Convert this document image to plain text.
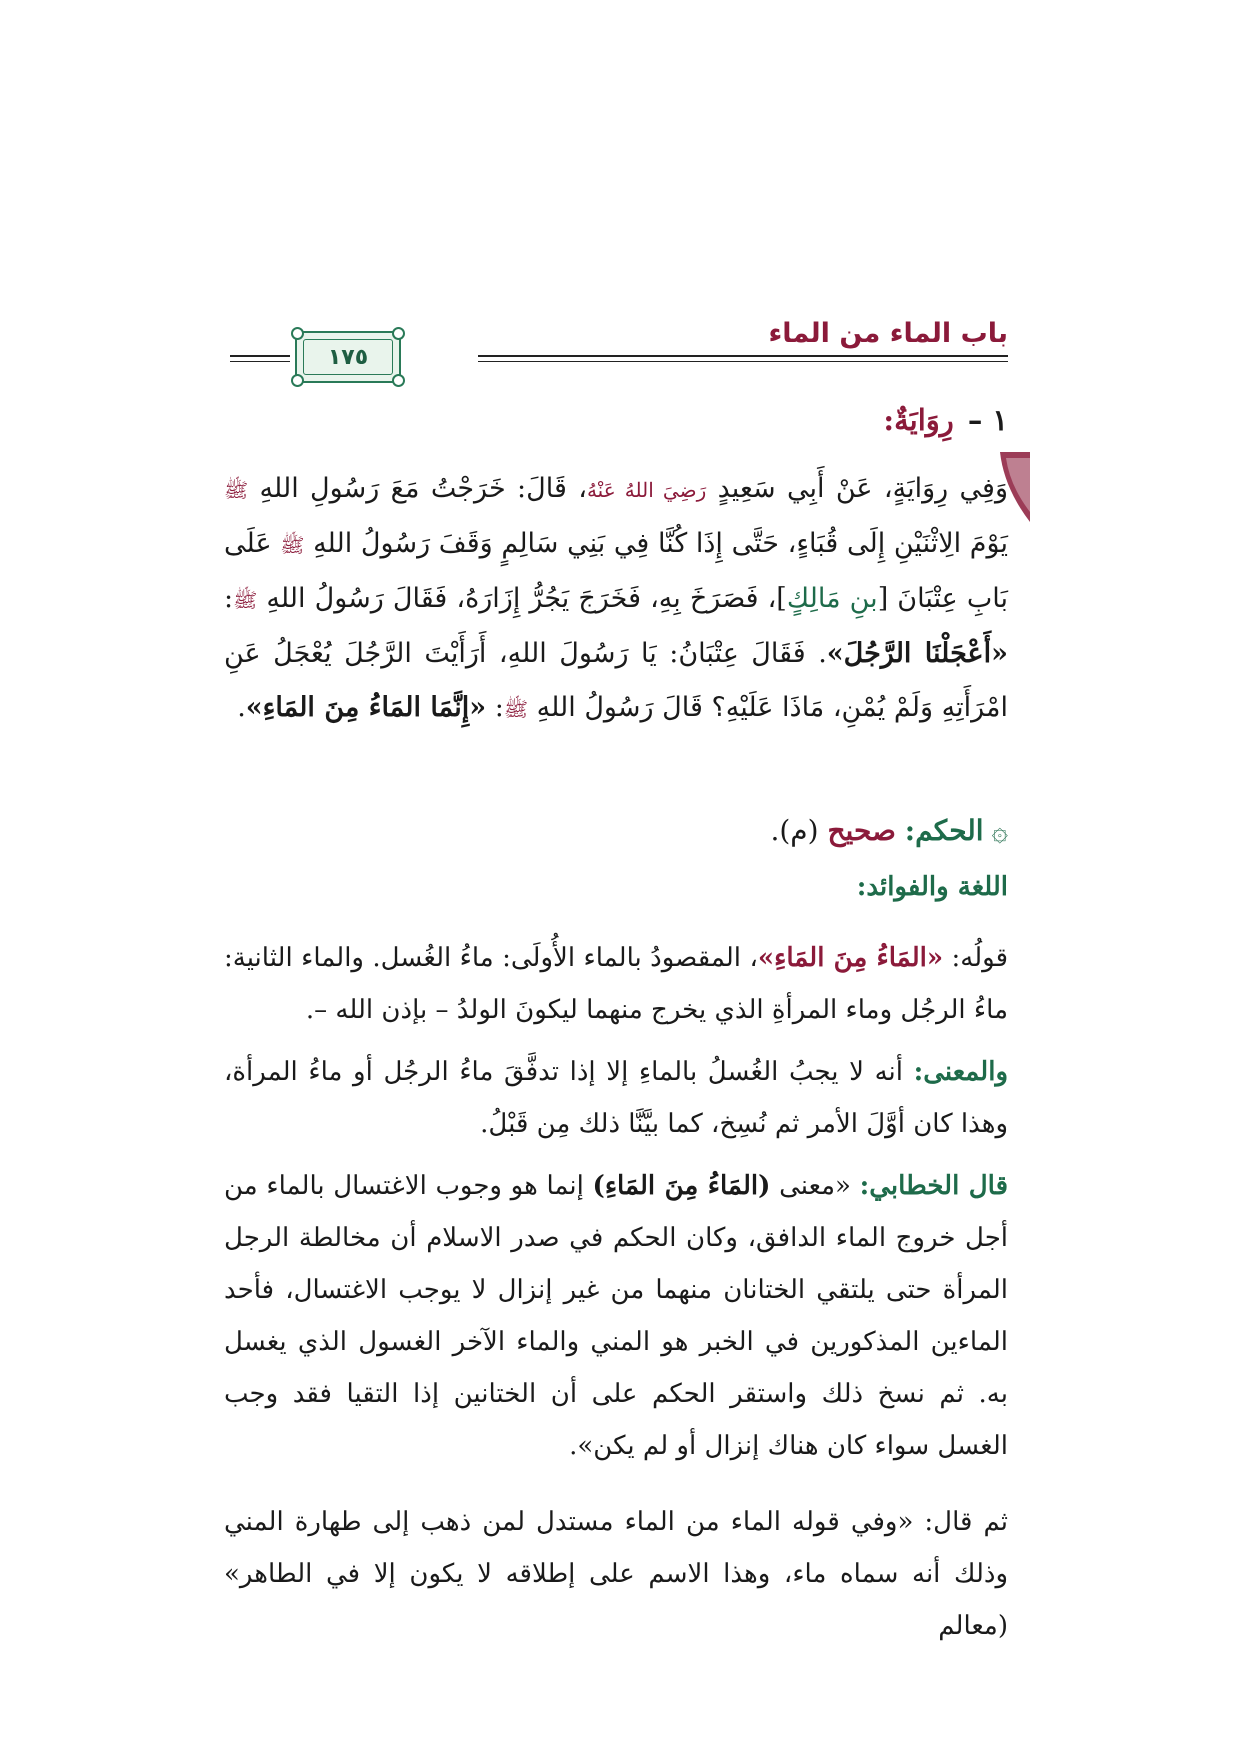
باب الماء من الماء
١٧٥
١ –رِوَايَةٌ:
وَفِي رِوَايَةٍ، عَنْ أَبِي سَعِيدٍ رَضِيَ اللهُ عَنْهُ، قَالَ: خَرَجْتُ مَعَ رَسُولِ اللهِ ﷺ يَوْمَ الِاثْنَيْنِ إِلَى قُبَاءٍ، حَتَّى إِذَا كُنَّا فِي بَنِي سَالِمٍ وَقَفَ رَسُولُ اللهِ ﷺ عَلَى بَابِ عِتْبَانَ [بنِ مَالِكٍ]، فَصَرَخَ بِهِ، فَخَرَجَ يَجُرُّ إِزَارَهُ، فَقَالَ رَسُولُ اللهِ ﷺ: «أَعْجَلْنَا الرَّجُلَ». فَقَالَ عِتْبَانُ: يَا رَسُولَ اللهِ، أَرَأَيْتَ الرَّجُلَ يُعْجَلُ عَنِ امْرَأَتِهِ وَلَمْ يُمْنِ، مَاذَا عَلَيْهِ؟ قَالَ رَسُولُ اللهِ ﷺ: «إِنَّمَا المَاءُ مِنَ المَاءِ».
۞الحكم: صحيح (م).
اللغة والفوائد:
قولُه: «المَاءُ مِنَ المَاءِ»، المقصودُ بالماء الأُولَى: ماءُ الغُسل. والماء الثانية: ماءُ الرجُل وماء المرأةِ الذي يخرج منهما ليكونَ الولدُ – بإذن الله –.
والمعنى: أنه لا يجبُ الغُسلُ بالماءِ إلا إذا تدفَّقَ ماءُ الرجُل أو ماءُ المرأة، وهذا كان أوَّلَ الأمر ثم نُسِخ، كما بيَّنَّا ذلك مِن قَبْلُ.
قال الخطابي: «معنى (المَاءُ مِنَ المَاءِ) إنما هو وجوب الاغتسال بالماء من أجل خروج الماء الدافق، وكان الحكم في صدر الاسلام أن مخالطة الرجل المرأة حتى يلتقي الختانان منهما من غير إنزال لا يوجب الاغتسال، فأحد الماءين المذكورين في الخبر هو المني والماء الآخر الغسول الذي يغسل به. ثم نسخ ذلك واستقر الحكم على أن الختانين إذا التقيا فقد وجب الغسل سواء كان هناك إنزال أو لم يكن».
ثم قال: «وفي قوله الماء من الماء مستدل لمن ذهب إلى طهارة المني وذلك أنه سماه ماء، وهذا الاسم على إطلاقه لا يكون إلا في الطاهر» (معالم
